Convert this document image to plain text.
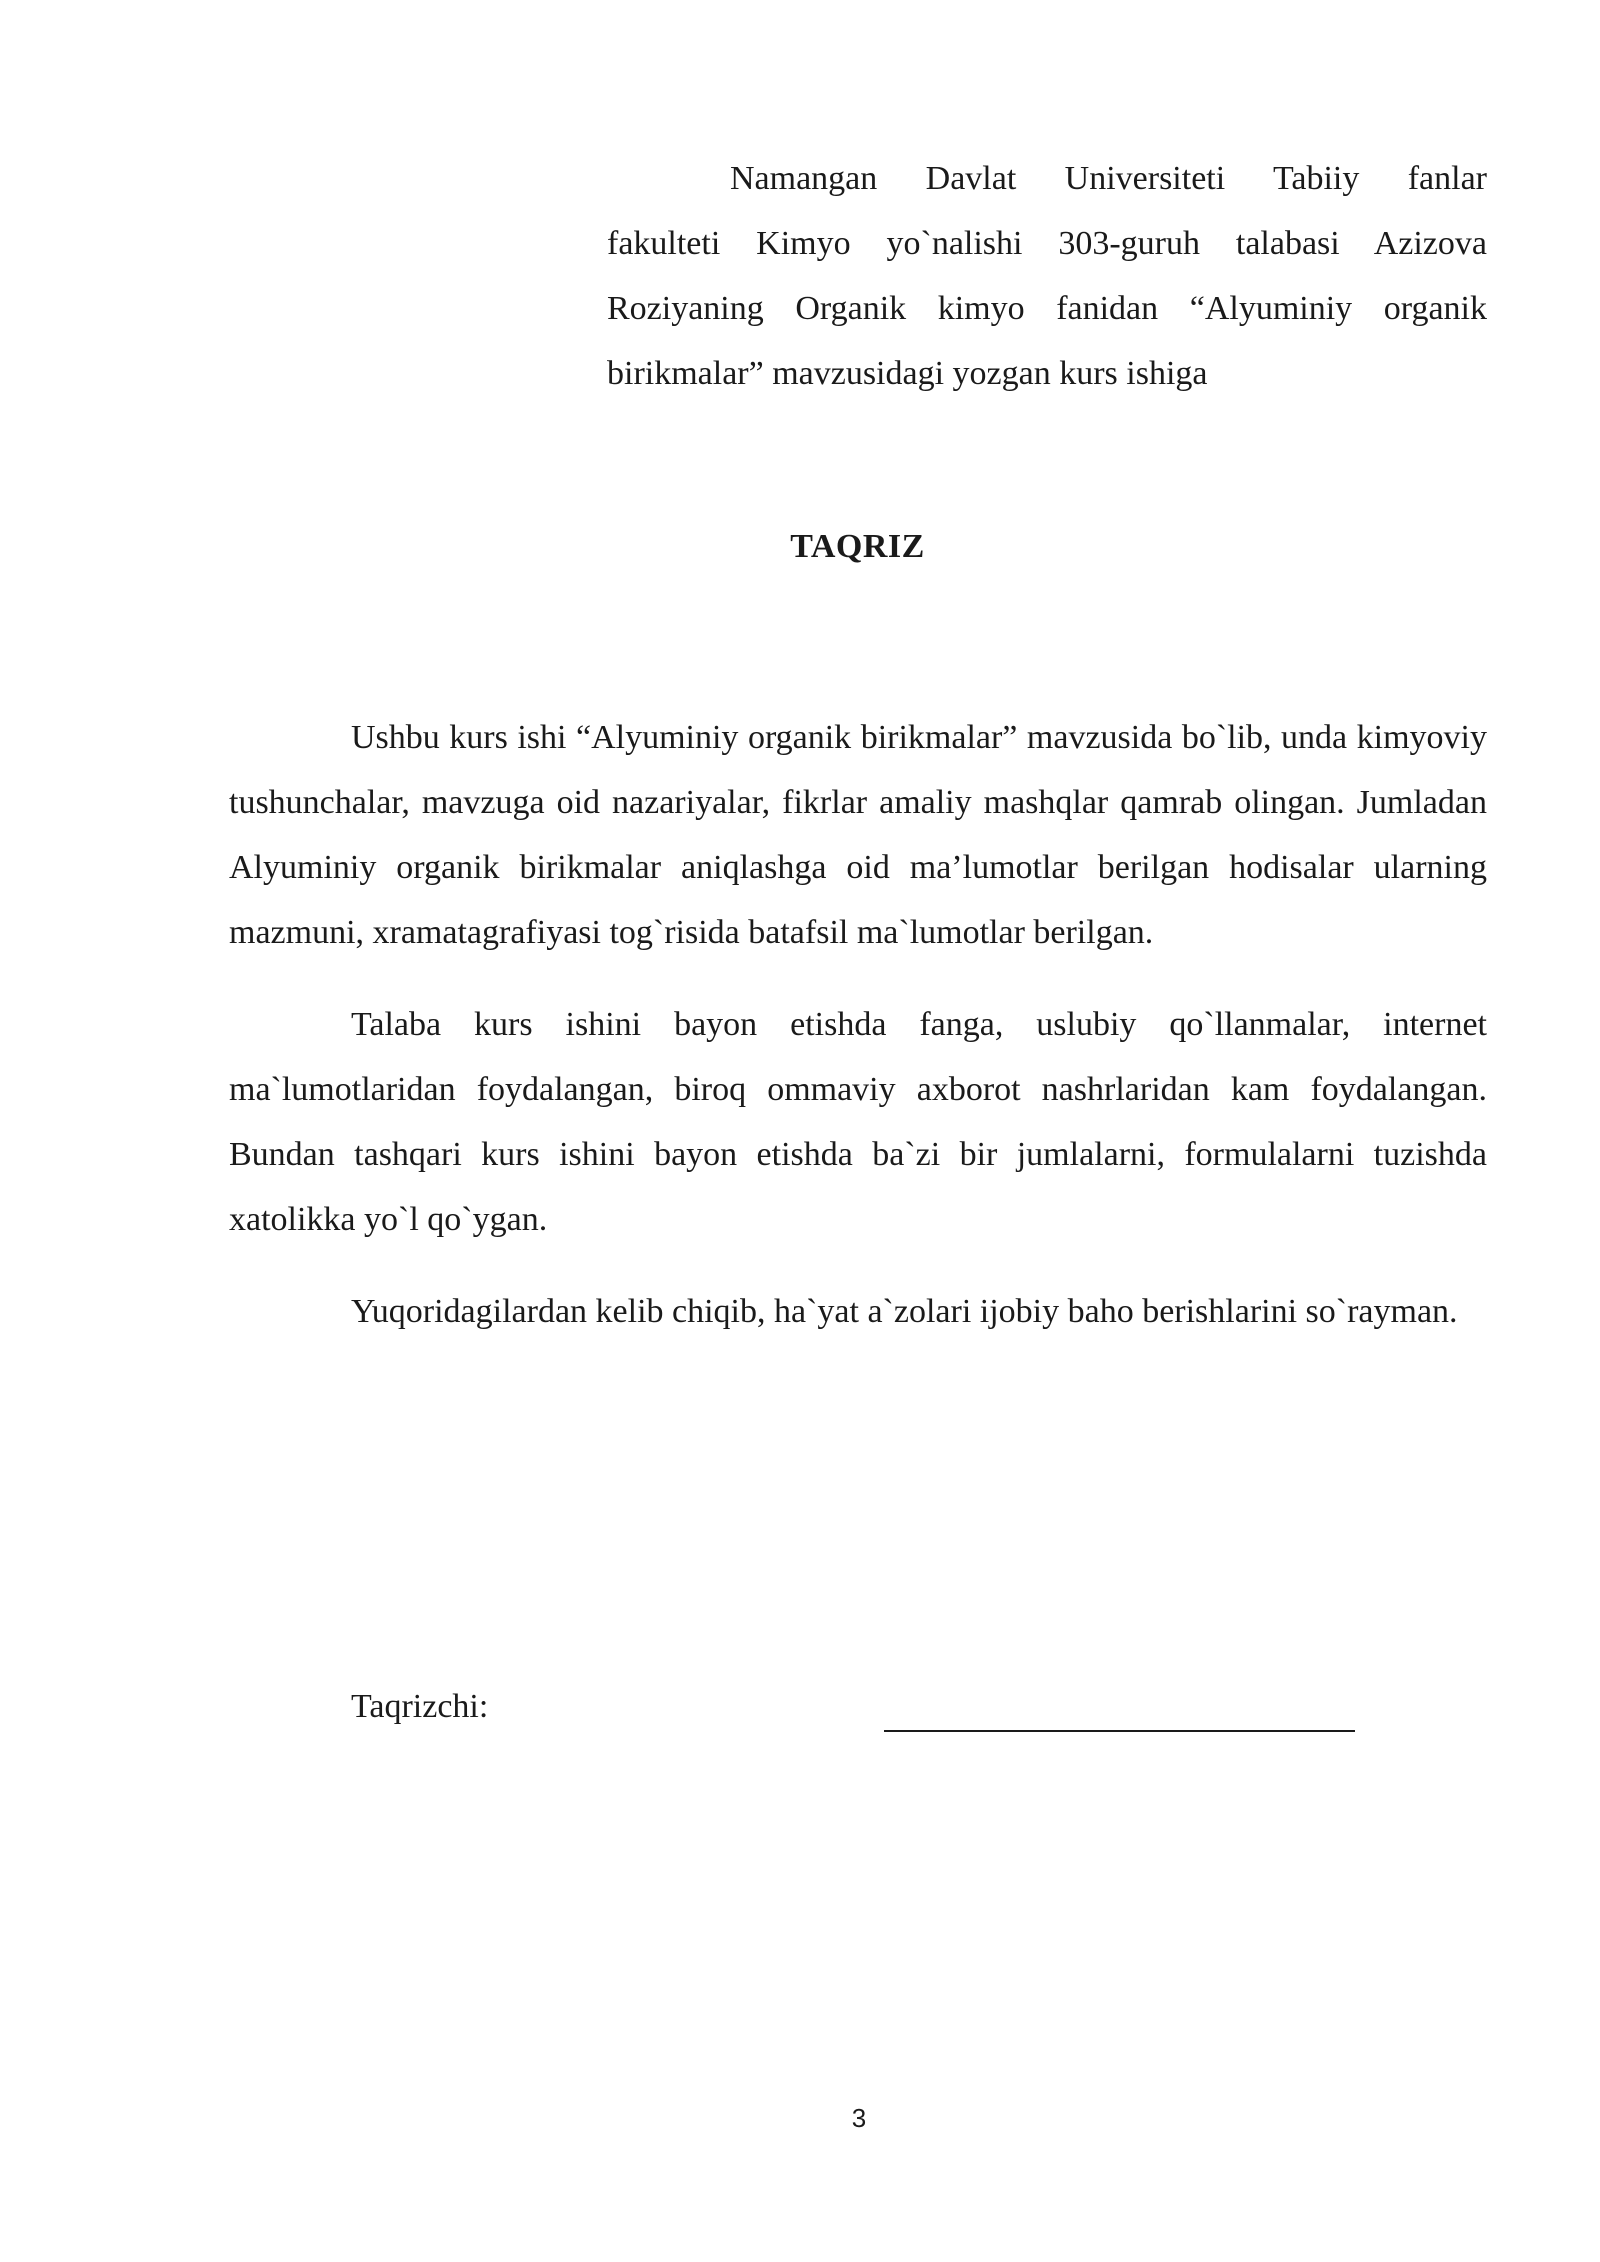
Namangan Davlat Universiteti Tabiiy fanlar
fakulteti Kimyo yo`nalishi 303-guruh talabasi Azizova
Roziyaning Organik kimyo fanidan “Alyuminiy organik
birikmalar” mavzusidagi yozgan kurs ishiga
TAQRIZ

Ushbu kurs ishi “Alyuminiy organik birikmalar” mavzusida bo`lib, unda kimyoviy tushunchalar, mavzuga oid nazariyalar, fikrlar amaliy mashqlar qamrab olingan. Jumladan Alyuminiy organik birikmalar aniqlashga oid ma’lumotlar berilgan hodisalar ularning mazmuni, xramatagrafiyasi tog`risida batafsil ma`lumotlar berilgan.

Talaba kurs ishini bayon etishda fanga, uslubiy qo`llanmalar, internet ma`lumotlaridan foydalangan, biroq ommaviy axborot nashrlaridan kam foydalangan. Bundan tashqari kurs ishini bayon etishda ba`zi bir jumlalarni, formulalarni tuzishda xatolikka yo`l qo`ygan.

Yuqoridagilardan kelib chiqib, ha`yat a`zolari ijobiy baho berishlarini so`rayman.

Taqrizchi:
3
